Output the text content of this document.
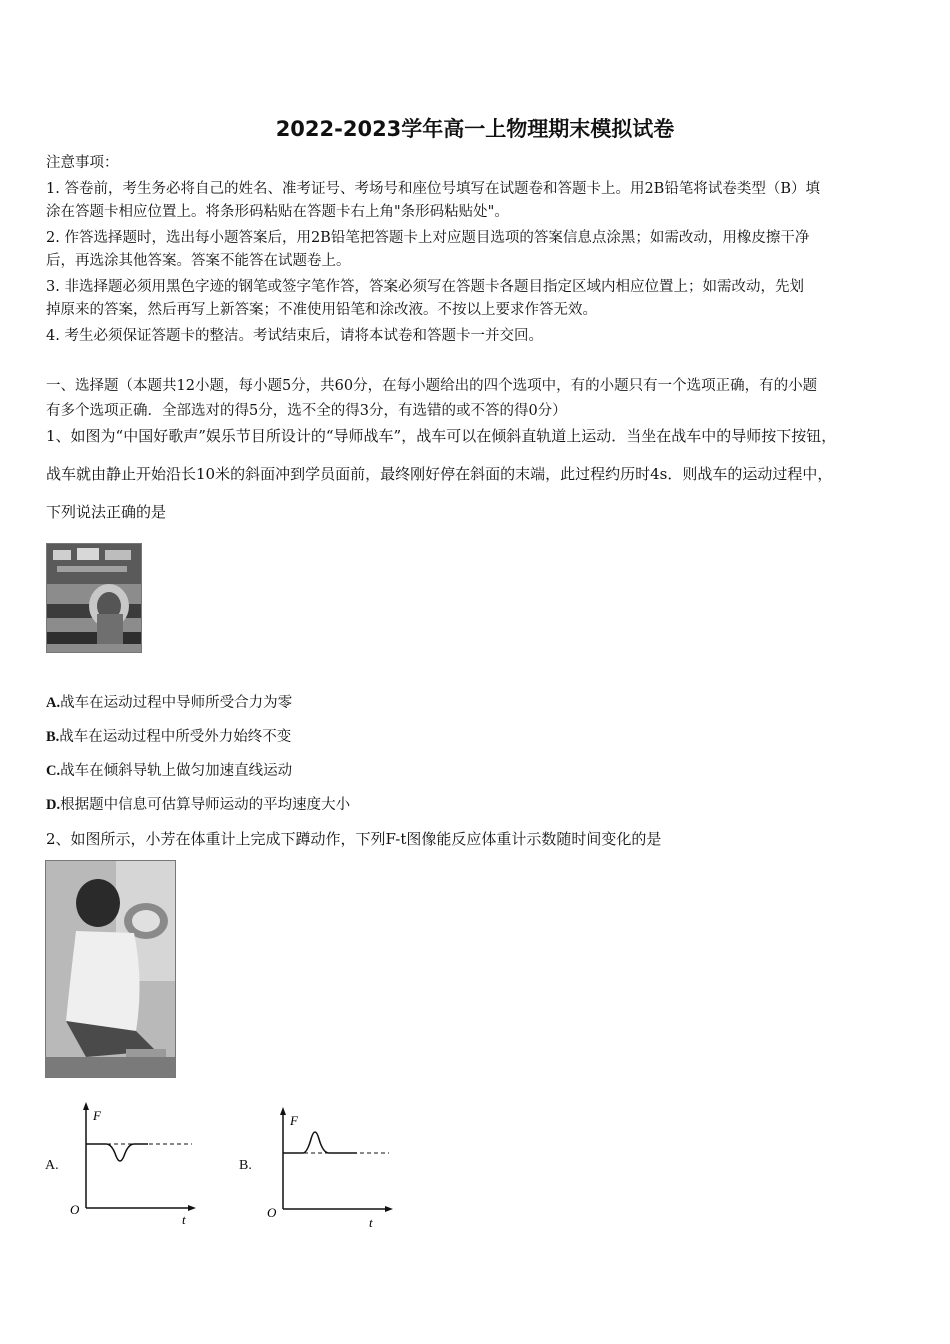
2022-2023学年高一上物理期末模拟试卷
注意事项：
1. 答卷前，考生务必将自己的姓名、准考证号、考场号和座位号填写在试题卷和答题卡上。用2B铅笔将试卷类型（B）填
涂在答题卡相应位置上。将条形码粘贴在答题卡右上角"条形码粘贴处"。
2. 作答选择题时，选出每小题答案后，用2B铅笔把答题卡上对应题目选项的答案信息点涂黑；如需改动，用橡皮擦干净
后，再选涂其他答案。答案不能答在试题卷上。
3. 非选择题必须用黑色字迹的钢笔或签字笔作答，答案必须写在答题卡各题目指定区域内相应位置上；如需改动，先划
掉原来的答案，然后再写上新答案；不准使用铅笔和涂改液。不按以上要求作答无效。
4. 考生必须保证答题卡的整洁。考试结束后，请将本试卷和答题卡一并交回。
一、选择题（本题共12小题，每小题5分，共60分，在每小题给出的四个选项中，有的小题只有一个选项正确，有的小题
有多个选项正确．全部选对的得5分，选不全的得3分，有选错的或不答的得0分）
1、如图为“中国好歌声”娱乐节目所设计的“导师战车”，战车可以在倾斜直轨道上运动．当坐在战车中的导师按下按钮，
战车就由静止开始沿长10米的斜面冲到学员面前，最终刚好停在斜面的末端，此过程约历时4s．则战车的运动过程中，
下列说法正确的是
A.战车在运动过程中导师所受合力为零
B.战车在运动过程中所受外力始终不变
C.战车在倾斜导轨上做匀加速直线运动
D.根据题中信息可估算导师运动的平均速度大小
2、如图所示，小芳在体重计上完成下蹲动作，下列F-t图像能反应体重计示数随时间变化的是
A.
F
t
O
B.
F
t
O
